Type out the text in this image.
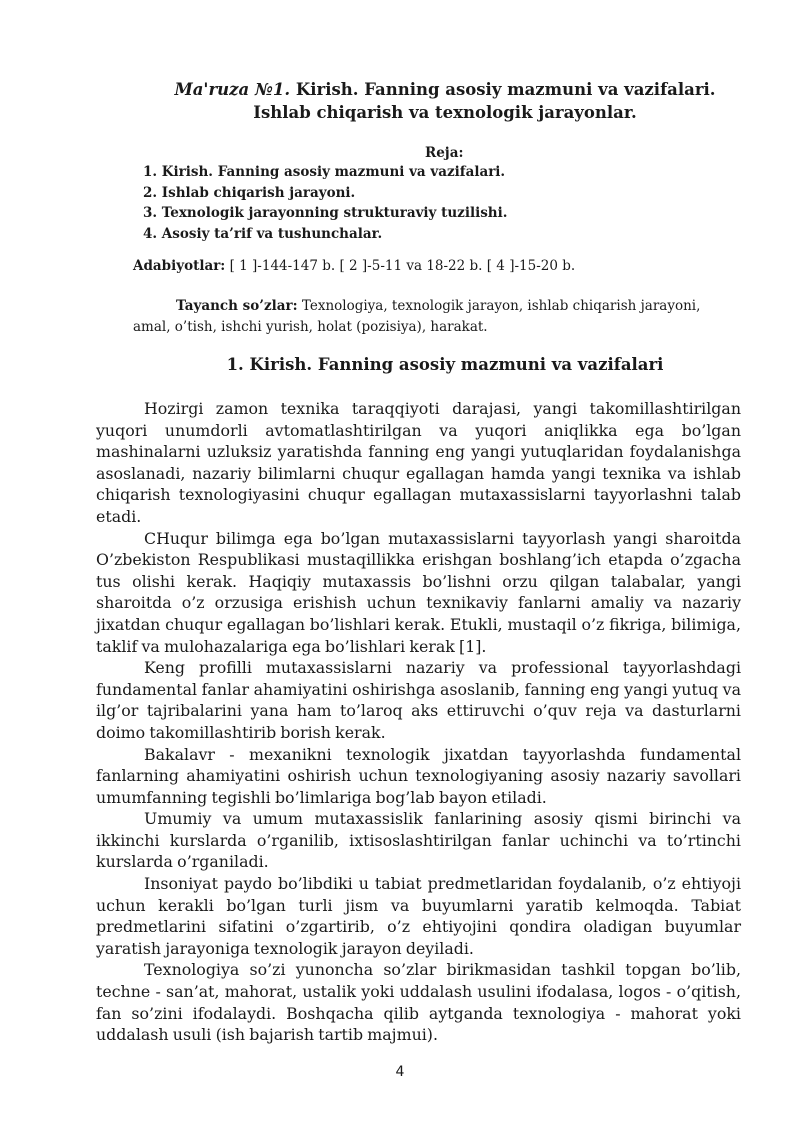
Ma'ruza №1. Kirish. Fanning asosiy mazmuni va vazifalari. Ishlab chiqarish va texnologik jarayonlar.
Reja:
1. Kirish. Fanning asosiy mazmuni va vazifalari.
2. Ishlab chiqarish jarayoni.
3. Texnologik jarayonning strukturaviy tuzilishi.
4. Asosiy ta’rif va tushunchalar.
Adabiyotlar: [ 1 ]-144-147 b. [ 2 ]-5-11 va 18-22 b. [ 4 ]-15-20 b.
Tayanch so’zlar: Texnologiya, texnologik jarayon, ishlab chiqarish jarayoni, amal, o’tish, ishchi yurish, holat (pozisiya), harakat.
1. Kirish. Fanning asosiy mazmuni va vazifalari

Hozirgi zamon texnika taraqqiyoti darajasi, yangi takomillashtirilgan yuqori unumdorli avtomatlashtirilgan va yuqori aniqlikka ega bo’lgan mashinalarni uzluksiz yaratishda fanning eng yangi yutuqlaridan foydalanishga asoslanadi, nazariy bilimlarni chuqur egallagan hamda yangi texnika va ishlab chiqarish texnologiyasini chuqur egallagan mutaxassislarni tayyorlashni talab etadi.

CHuqur bilimga ega bo’lgan mutaxassislarni tayyorlash yangi sharoitda O’zbekiston Respublikasi mustaqillikka erishgan boshlang’ich etapda o’zgacha tus olishi kerak. Haqiqiy mutaxassis bo’lishni orzu qilgan talabalar, yangi sharoitda o’z orzusiga erishish uchun texnikaviy fanlarni amaliy va nazariy jixatdan chuqur egallagan bo’lishlari kerak. Etukli, mustaqil o’z fikriga, bilimiga, taklif va mulohazalariga ega bo’lishlari kerak [1].

Keng profilli mutaxassislarni nazariy va professional tayyorlashdagi fundamental fanlar ahamiyatini oshirishga asoslanib, fanning eng yangi yutuq va ilg’or tajribalarini yana ham to’laroq aks ettiruvchi o’quv reja va dasturlarni doimo takomillashtirib borish kerak.

Bakalavr - mexanikni texnologik jixatdan tayyorlashda fundamental fanlarning ahamiyatini oshirish uchun texnologiyaning asosiy nazariy savollari umumfanning tegishli bo’limlariga bog’lab bayon etiladi.

Umumiy va umum mutaxassislik fanlarining asosiy qismi birinchi va ikkinchi kurslarda o’rganilib, ixtisoslashtirilgan fanlar uchinchi va to’rtinchi kurslarda o’rganiladi.

Insoniyat paydo bo’libdiki u tabiat predmetlaridan foydalanib, o’z ehtiyoji uchun kerakli bo’lgan turli jism va buyumlarni yaratib kelmoqda. Tabiat predmetlarini sifatini o’zgartirib, o’z ehtiyojini qondira oladigan buyumlar yaratish jarayoniga texnologik jarayon deyiladi.

Texnologiya so’zi yunoncha so’zlar birikmasidan tashkil topgan bo’lib, techne - san’at, mahorat, ustalik yoki uddalash usulini ifodalasa, logos - o’qitish, fan so’zini ifodalaydi. Boshqacha qilib aytganda texnologiya - mahorat yoki uddalash usuli (ish bajarish tartib majmui).

4
